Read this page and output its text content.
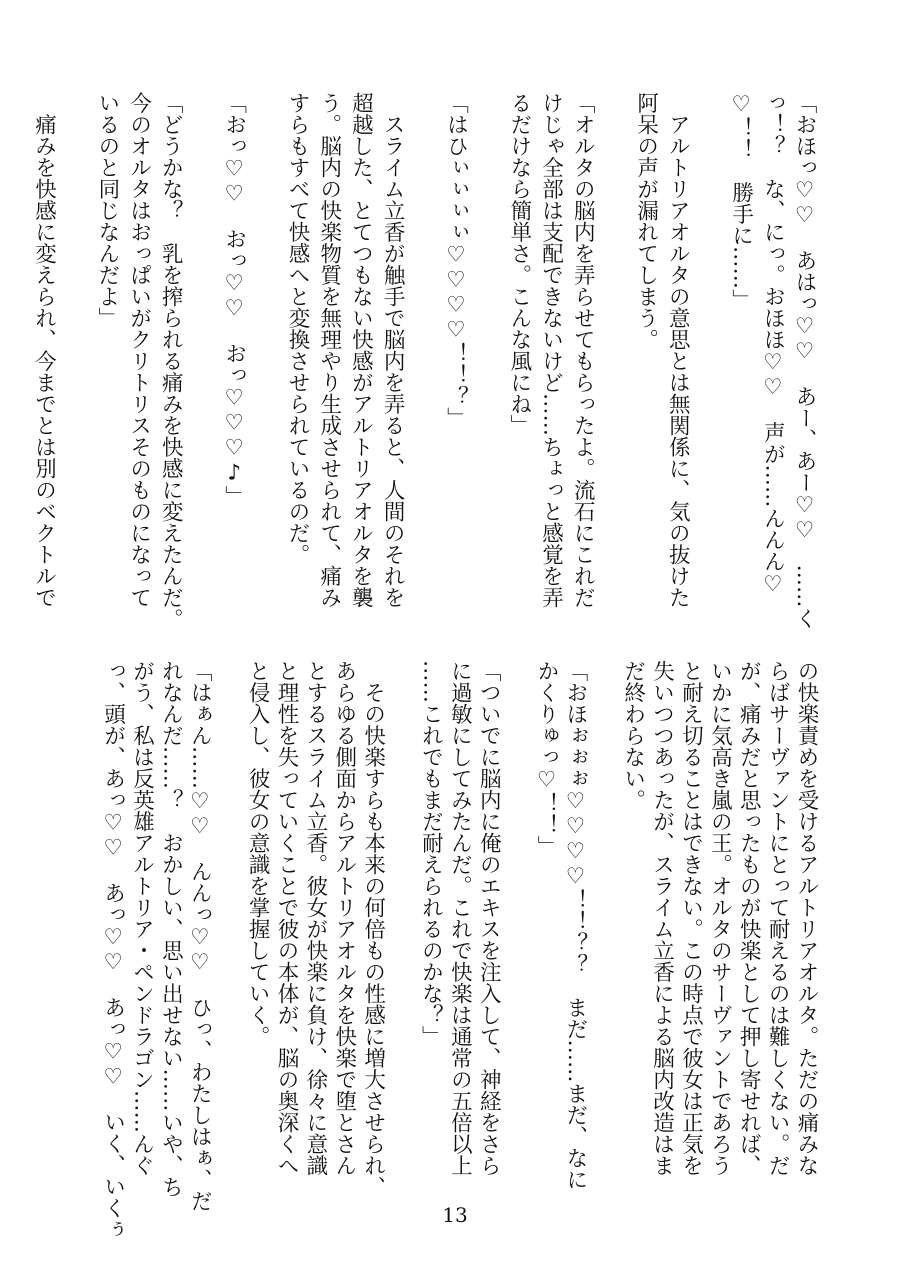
「おほっ♡♡　あはっ♡♡　あー、あー♡♡　……く
っ！？　な、にっ。おほほ♡♡　声が……んんん♡
♡！！　勝手に……」
　アルトリアオルタの意思とは無関係に、気の抜けた
阿呆の声が漏れてしまう。
「オルタの脳内を弄らせてもらったよ。流石にこれだ
けじゃ全部は支配できないけど……ちょっと感覚を弄
るだけなら簡単さ。こんな風にね」
「はひぃぃぃぃ♡♡♡♡！！？」
　スライム立香が触手で脳内を弄ると、人間のそれを
超越した、とてつもない快感がアルトリアオルタを襲
う。脳内の快楽物質を無理やり生成させられて、痛み
すらもすべて快感へと変換させられているのだ。
「おっ♡♡　おっ♡♡　おっ♡♡♡♪」
「どうかな？　乳を搾られる痛みを快感に変えたんだ。
今のオルタはおっぱいがクリトリスそのものになって
いるのと同じなんだよ」
　痛みを快感に変えられ、今までとは別のベクトルで
の快楽責めを受けるアルトリアオルタ。ただの痛みな
らばサーヴァントにとって耐えるのは難しくない。だ
が、痛みだと思ったものが快楽として押し寄せれば、
いかに気高き嵐の王。オルタのサーヴァントであろう
と耐え切ることはできない。この時点で彼女は正気を
失いつつあったが、スライム立香による脳内改造はま
だ終わらない。
「おほぉぉぉ♡♡♡♡！！？？　まだ……まだ、なに
かくりゅっ♡！！」
「ついでに脳内に俺のエキスを注入して、神経をさら
に過敏にしてみたんだ。これで快楽は通常の五倍以上
……これでもまだ耐えられるのかな？」
　その快楽すらも本来の何倍もの性感に増大させられ、
あらゆる側面からアルトリアオルタを快楽で堕とさん
とするスライム立香。彼女が快楽に負け、徐々に意識
と理性を失っていくことで彼の本体が、脳の奥深くへ
と侵入し、彼女の意識を掌握していく。
「はぁん……♡♡　んんっ♡♡　ひっ、わたしはぁ、だ
れなんだ……？　おかしい、思い出せない……いや、ち
がう、私は反英雄アルトリア・ペンドラゴン……んぐ
っ、頭が、あっ♡♡　あっ♡♡　あっ♡♡　いく、いくぅ	13
